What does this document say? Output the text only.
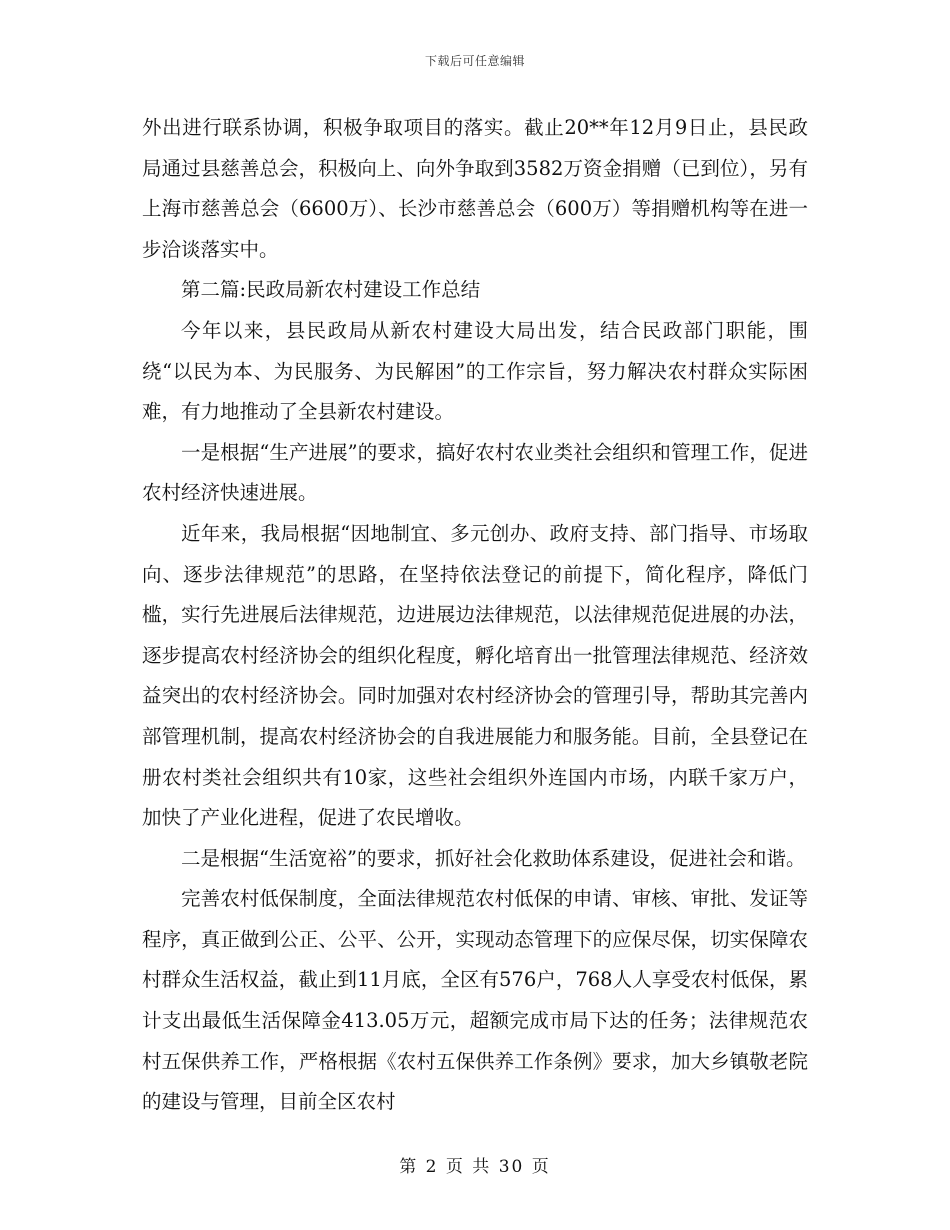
下载后可任意编辑

外出进行联系协调，积极争取项目的落实。截止20**年12月9日止，县民政局通过县慈善总会，积极向上、向外争取到3582万资金捐赠（已到位），另有上海市慈善总会（6600万）、长沙市慈善总会（600万）等捐赠机构等在进一步洽谈落实中。

第二篇:民政局新农村建设工作总结

今年以来，县民政局从新农村建设大局出发，结合民政部门职能，围绕“以民为本、为民服务、为民解困”的工作宗旨，努力解决农村群众实际困难，有力地推动了全县新农村建设。

一是根据“生产进展”的要求，搞好农村农业类社会组织和管理工作，促进农村经济快速进展。

近年来，我局根据“因地制宜、多元创办、政府支持、部门指导、市场取向、逐步法律规范”的思路，在坚持依法登记的前提下，简化程序，降低门槛，实行先进展后法律规范，边进展边法律规范，以法律规范促进展的办法，逐步提高农村经济协会的组织化程度，孵化培育出一批管理法律规范、经济效益突出的农村经济协会。同时加强对农村经济协会的管理引导，帮助其完善内部管理机制，提高农村经济协会的自我进展能力和服务能。目前，全县登记在册农村类社会组织共有10家，这些社会组织外连国内市场，内联千家万户，加快了产业化进程，促进了农民增收。

二是根据“生活宽裕”的要求，抓好社会化救助体系建设，促进社会和谐。

完善农村低保制度，全面法律规范农村低保的申请、审核、审批、发证等程序，真正做到公正、公平、公开，实现动态管理下的应保尽保，切实保障农村群众生活权益，截止到11月底，全区有576户，768人人享受农村低保，累计支出最低生活保障金413.05万元，超额完成市局下达的任务；法律规范农村五保供养工作，严格根据《农村五保供养工作条例》要求，加大乡镇敬老院的建设与管理，目前全区农村

第 2 页 共 30 页
